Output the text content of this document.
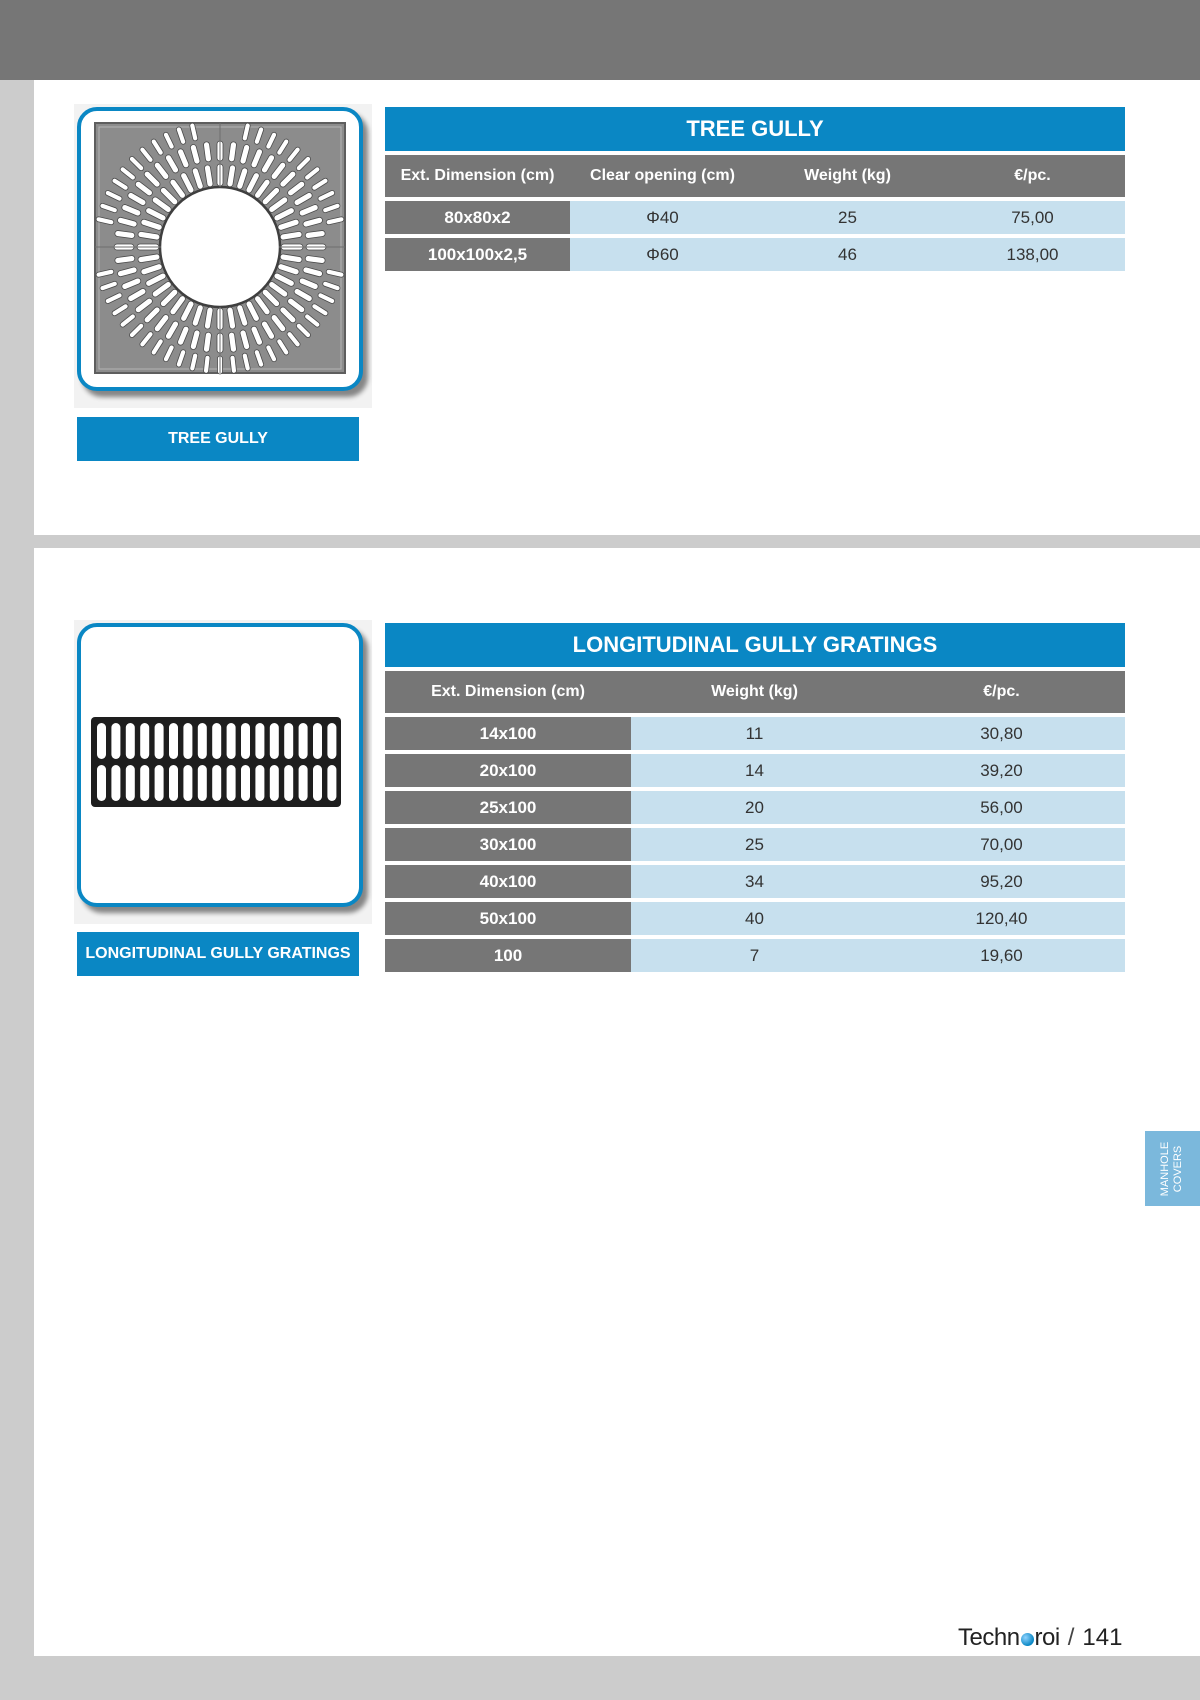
TREE GULLY
TREE GULLY			
Ext. Dimension (cm)	Clear opening (cm)	Weight (kg)	€/pc.
80x80x2	Φ40	25	75,00
100x100x2,5	Φ60	46	138,00
LONGITUDINAL GULLY GRATINGS
LONGITUDINAL GULLY GRATINGS		
Ext. Dimension (cm)	Weight (kg)	€/pc.
14x100	11	30,80
20x100	14	39,20
25x100	20	56,00
30x100	25	70,00
40x100	34	95,20
50x100	40	120,40
100	7	19,60
MANHOLE COVERS
Techn roi / 141
